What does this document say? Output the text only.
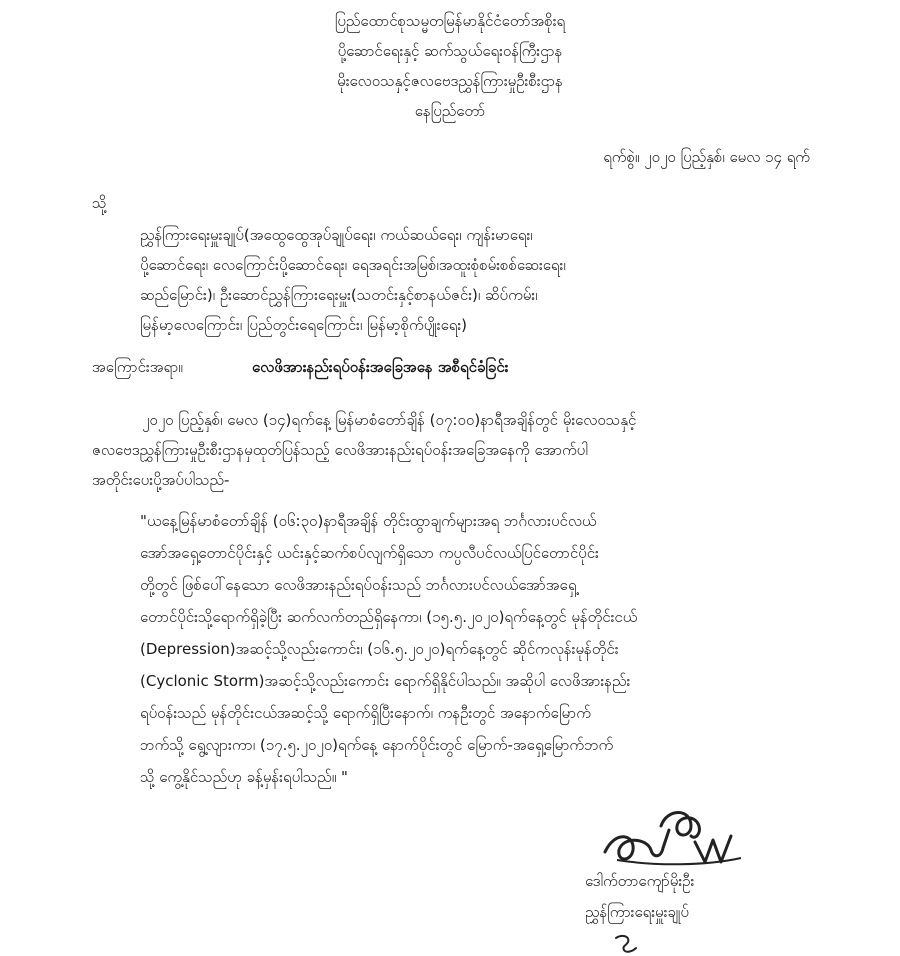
ပြည်ထောင်စုသမ္မတမြန်မာနိုင်ငံတော်အစိုးရ
ပို့ဆောင်ရေးနှင့် ဆက်သွယ်ရေးဝန်ကြီးဌာန
မိုးလေဝသနှင့်ဇလဗေဒညွှန်ကြားမှုဦးစီးဌာန
နေပြည်တော်
ရက်စွဲ။ ၂၀၂၀ ပြည့်နှစ်၊ မေလ ၁၄ ရက်
သို့
ညွှန်ကြားရေးမှူးချုပ်(အထွေထွေအုပ်ချုပ်ရေး၊ ကယ်ဆယ်ရေး၊ ကျန်းမာရေး၊
ပို့ဆောင်ရေး၊ လေကြောင်းပို့ဆောင်ရေး၊ ရေအရင်းအမြစ်၊အထူးစုံစမ်းစစ်ဆေးရေး၊
ဆည်မြောင်း)၊ ဦးဆောင်ညွှန်ကြားရေးမှူး(သတင်းနှင့်စာနယ်ဇင်း)၊ ဆိပ်ကမ်း၊
မြန်မာ့လေကြောင်း၊ ပြည်တွင်းရေကြောင်း၊ မြန်မာ့စိုက်ပျိုးရေး)
အကြောင်းအရာ။	လေဖိအားနည်းရပ်ဝန်းအခြေအနေ အစီရင်ခံခြင်း
၂၀၂၀ ပြည့်နှစ်၊ မေလ (၁၄)ရက်နေ့ မြန်မာစံတော်ချိန် (၀၇:၀၀)နာရီအချိန်တွင် မိုးလေဝသနှင့်
ဇလဗေဒညွှန်ကြားမှုဦးစီးဌာနမှထုတ်ပြန်သည့် လေဖိအားနည်းရပ်ဝန်းအခြေအနေကို အောက်ပါ
အတိုင်းပေးပို့အပ်ပါသည်-
"ယနေ့မြန်မာစံတော်ချိန် (၀၆:၃၀)နာရီအချိန် တိုင်းထွာချက်များအရ ဘင်္ဂလားပင်လယ်
အော်အရှေ့တောင်ပိုင်းနှင့် ယင်းနှင့်ဆက်စပ်လျက်ရှိသော ကပ္ပလီပင်လယ်ပြင်တောင်ပိုင်း
တို့တွင် ဖြစ်ပေါ်နေသော လေဖိအားနည်းရပ်ဝန်းသည် ဘင်္ဂလားပင်လယ်အော်အရှေ့
တောင်ပိုင်းသို့ရောက်ရှိခဲ့ပြီး ဆက်လက်တည်ရှိနေကာ၊ (၁၅.၅.၂၀၂၀)ရက်နေ့တွင် မုန်တိုင်းငယ်
(Depression)အဆင့်သို့လည်းကောင်း၊ (၁၆.၅.၂၀၂၀)ရက်နေ့တွင် ဆိုင်ကလုန်းမုန်တိုင်း
(Cyclonic Storm)အဆင့်သို့လည်းကောင်း ရောက်ရှိနိုင်ပါသည်။ အဆိုပါ လေဖိအားနည်း
ရပ်ဝန်းသည် မုန်တိုင်းငယ်အဆင့်သို့ ရောက်ရှိပြီးနောက်၊ ကနဦးတွင် အနောက်မြောက်
ဘက်သို့ ရွေ့လျားကာ၊ (၁၇.၅.၂၀၂၀)ရက်နေ့ နောက်ပိုင်းတွင် မြောက်-အရှေ့မြောက်ဘက်
သို့ ကွေ့နိုင်သည်ဟု ခန့်မှန်းရပါသည်။ "
ဒေါက်တာကျော်မိုးဦး
ညွှန်ကြားရေးမှူးချုပ်
